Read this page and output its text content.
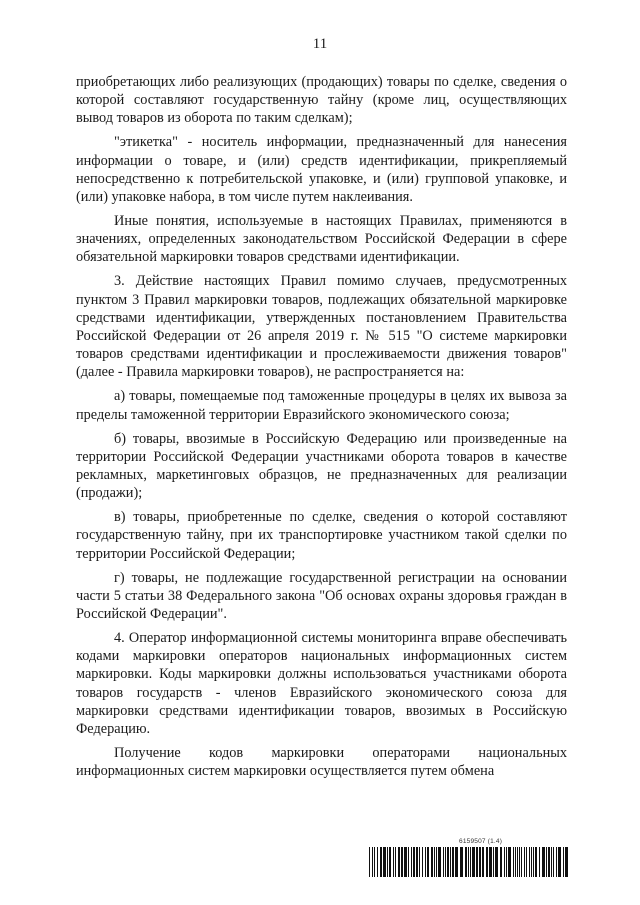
11

приобретающих либо реализующих (продающих) товары по сделке, сведения о которой составляют государственную тайну (кроме лиц, осуществляющих вывод товаров из оборота по таким сделкам);

"этикетка" - носитель информации, предназначенный для нанесения информации о товаре, и (или) средств идентификации, прикрепляемый непосредственно к потребительской упаковке, и (или) групповой упаковке, и (или) упаковке набора, в том числе путем наклеивания.

Иные понятия, используемые в настоящих Правилах, применяются в значениях, определенных законодательством Российской Федерации в сфере обязательной маркировки товаров средствами идентификации.

3. Действие настоящих Правил помимо случаев, предусмотренных пунктом 3 Правил маркировки товаров, подлежащих обязательной маркировке средствами идентификации, утвержденных постановлением Правительства Российской Федерации от 26 апреля 2019 г. № 515 "О системе маркировки товаров средствами идентификации и прослеживаемости движения товаров" (далее - Правила маркировки товаров), не распространяется на:

а) товары, помещаемые под таможенные процедуры в целях их вывоза за пределы таможенной территории Евразийского экономического союза;

б) товары, ввозимые в Российскую Федерацию или произведенные на территории Российской Федерации участниками оборота товаров в качестве рекламных, маркетинговых образцов, не предназначенных для реализации (продажи);

в) товары, приобретенные по сделке, сведения о которой составляют государственную тайну, при их транспортировке участником такой сделки по территории Российской Федерации;

г) товары, не подлежащие государственной регистрации на основании части 5 статьи 38 Федерального закона "Об основах охраны здоровья граждан в Российской Федерации".

4. Оператор информационной системы мониторинга вправе обеспечивать кодами маркировки операторов национальных информационных систем маркировки. Коды маркировки должны использоваться участниками оборота товаров государств - членов Евразийского экономического союза для маркировки средствами идентификации товаров, ввозимых в Российскую Федерацию.

Получение кодов маркировки операторами национальных информационных систем маркировки осуществляется путем обмена

6159507 (1.4)
